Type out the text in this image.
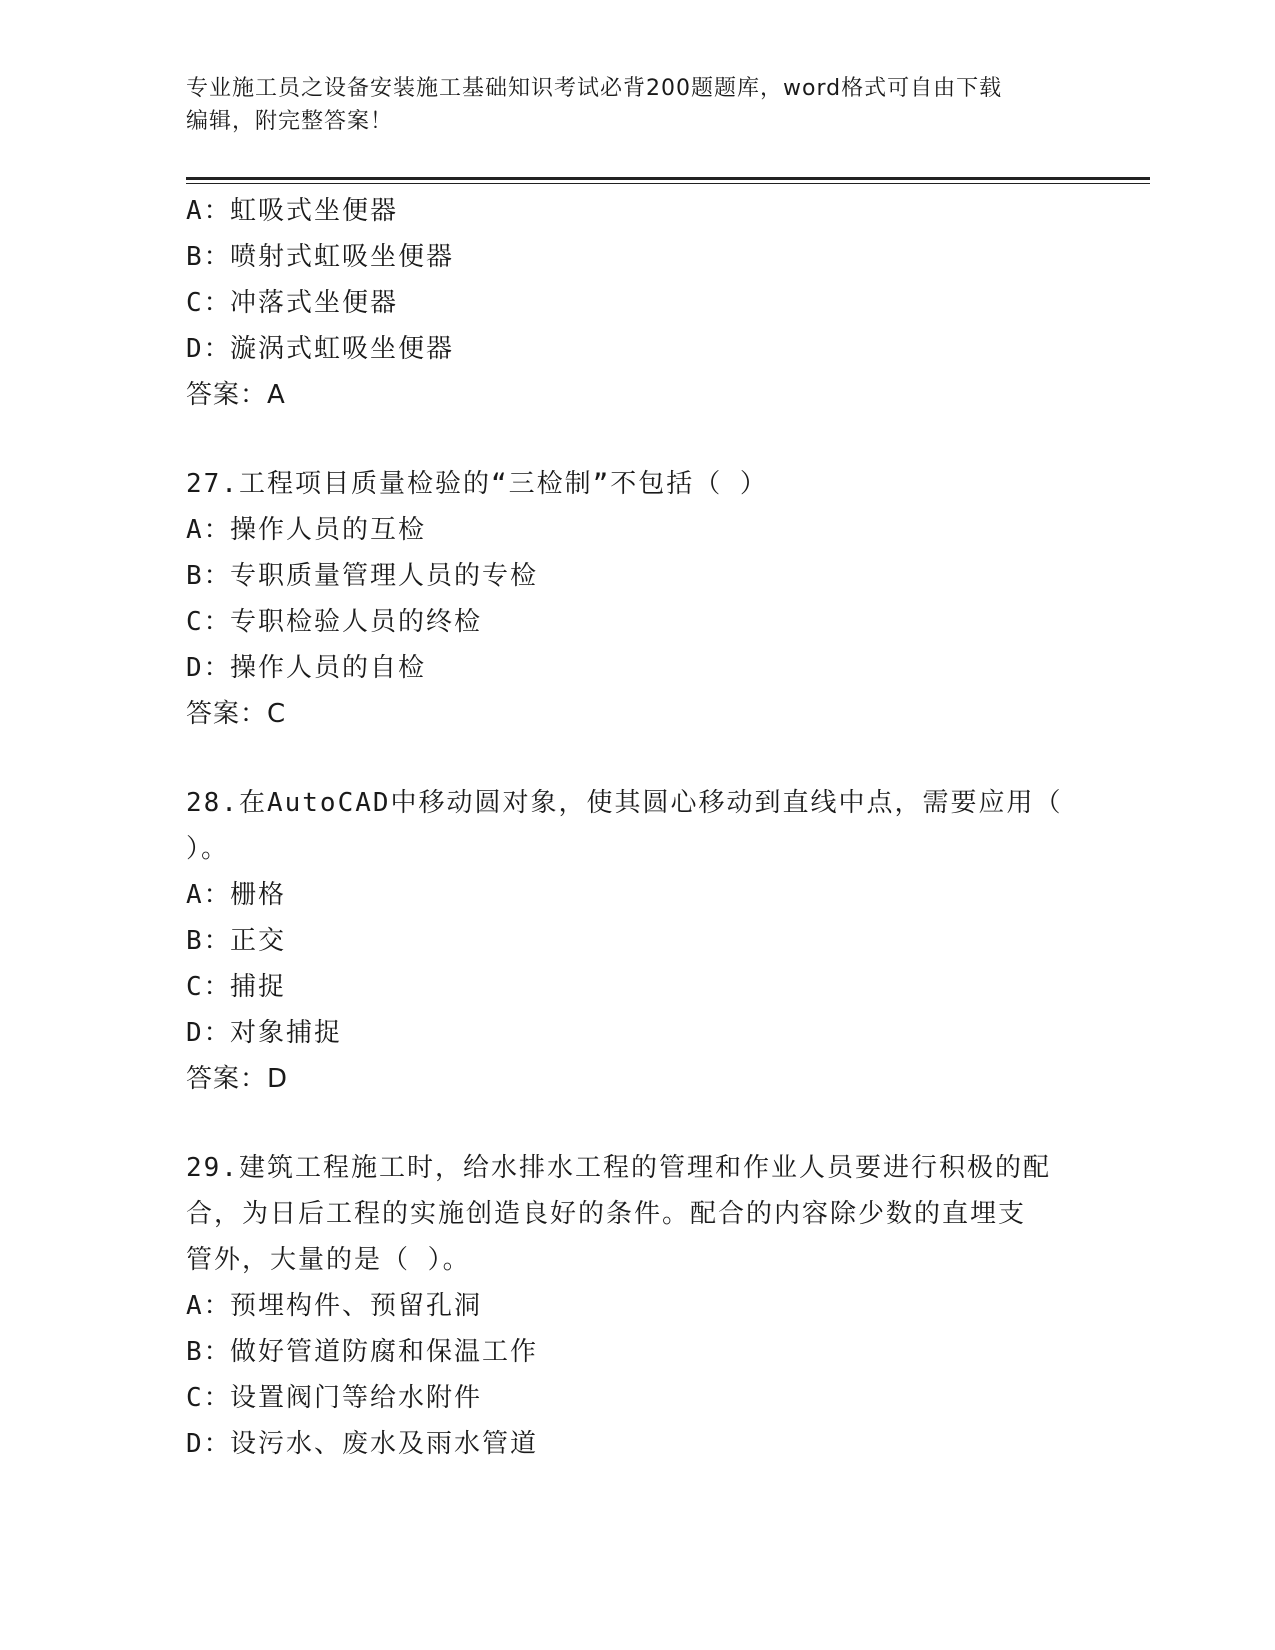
专业施工员之设备安装施工基础知识考试必背200题题库，word格式可自由下载
编辑，附完整答案！
A：虹吸式坐便器
B：喷射式虹吸坐便器
C：冲落式坐便器
D：漩涡式虹吸坐便器
答案：A
27.工程项目质量检验的“三检制”不包括（ ）
A：操作人员的互检
B：专职质量管理人员的专检
C：专职检验人员的终检
D：操作人员的自检
答案：C
28.在AutoCAD中移动圆对象，使其圆心移动到直线中点，需要应用（
）。
A：栅格
B：正交
C：捕捉
D：对象捕捉
答案：D
29.建筑工程施工时，给水排水工程的管理和作业人员要进行积极的配
合，为日后工程的实施创造良好的条件。配合的内容除少数的直埋支
管外，大量的是（ ）。
A：预埋构件、预留孔洞
B：做好管道防腐和保温工作
C：设置阀门等给水附件
D：设污水、废水及雨水管道
